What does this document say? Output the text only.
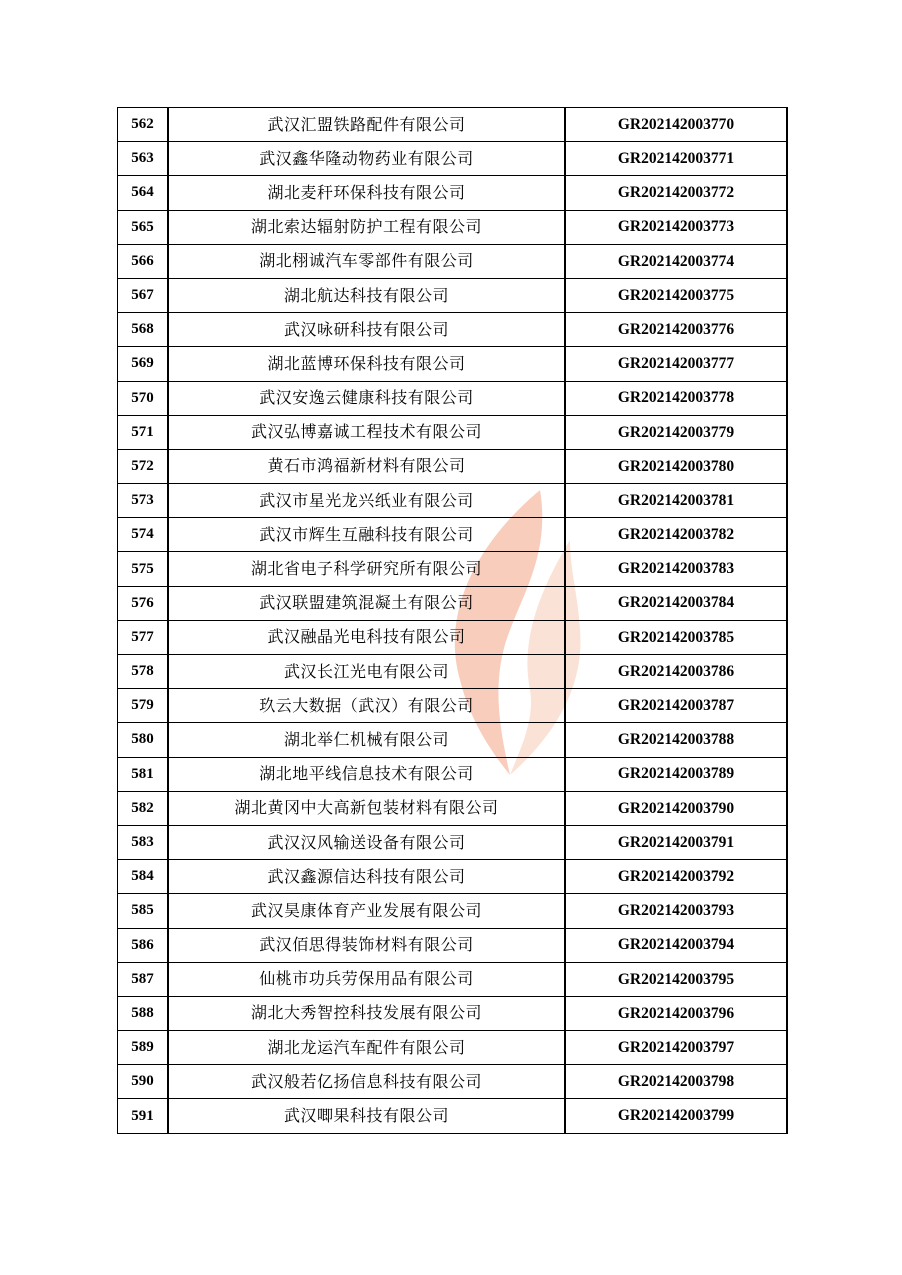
562	武汉汇盟铁路配件有限公司	GR202142003770
563	武汉鑫华隆动物药业有限公司	GR202142003771
564	湖北麦秆环保科技有限公司	GR202142003772
565	湖北索达辐射防护工程有限公司	GR202142003773
566	湖北栩诚汽车零部件有限公司	GR202142003774
567	湖北航达科技有限公司	GR202142003775
568	武汉咏研科技有限公司	GR202142003776
569	湖北蓝博环保科技有限公司	GR202142003777
570	武汉安逸云健康科技有限公司	GR202142003778
571	武汉弘博嘉诚工程技术有限公司	GR202142003779
572	黄石市鸿福新材料有限公司	GR202142003780
573	武汉市星光龙兴纸业有限公司	GR202142003781
574	武汉市辉生互融科技有限公司	GR202142003782
575	湖北省电子科学研究所有限公司	GR202142003783
576	武汉联盟建筑混凝土有限公司	GR202142003784
577	武汉融晶光电科技有限公司	GR202142003785
578	武汉长江光电有限公司	GR202142003786
579	玖云大数据（武汉）有限公司	GR202142003787
580	湖北举仁机械有限公司	GR202142003788
581	湖北地平线信息技术有限公司	GR202142003789
582	湖北黄冈中大高新包装材料有限公司	GR202142003790
583	武汉汉风输送设备有限公司	GR202142003791
584	武汉鑫源信达科技有限公司	GR202142003792
585	武汉昊康体育产业发展有限公司	GR202142003793
586	武汉佰思得装饰材料有限公司	GR202142003794
587	仙桃市功兵劳保用品有限公司	GR202142003795
588	湖北大秀智控科技发展有限公司	GR202142003796
589	湖北龙运汽车配件有限公司	GR202142003797
590	武汉般若亿扬信息科技有限公司	GR202142003798
591	武汉唧果科技有限公司	GR202142003799
